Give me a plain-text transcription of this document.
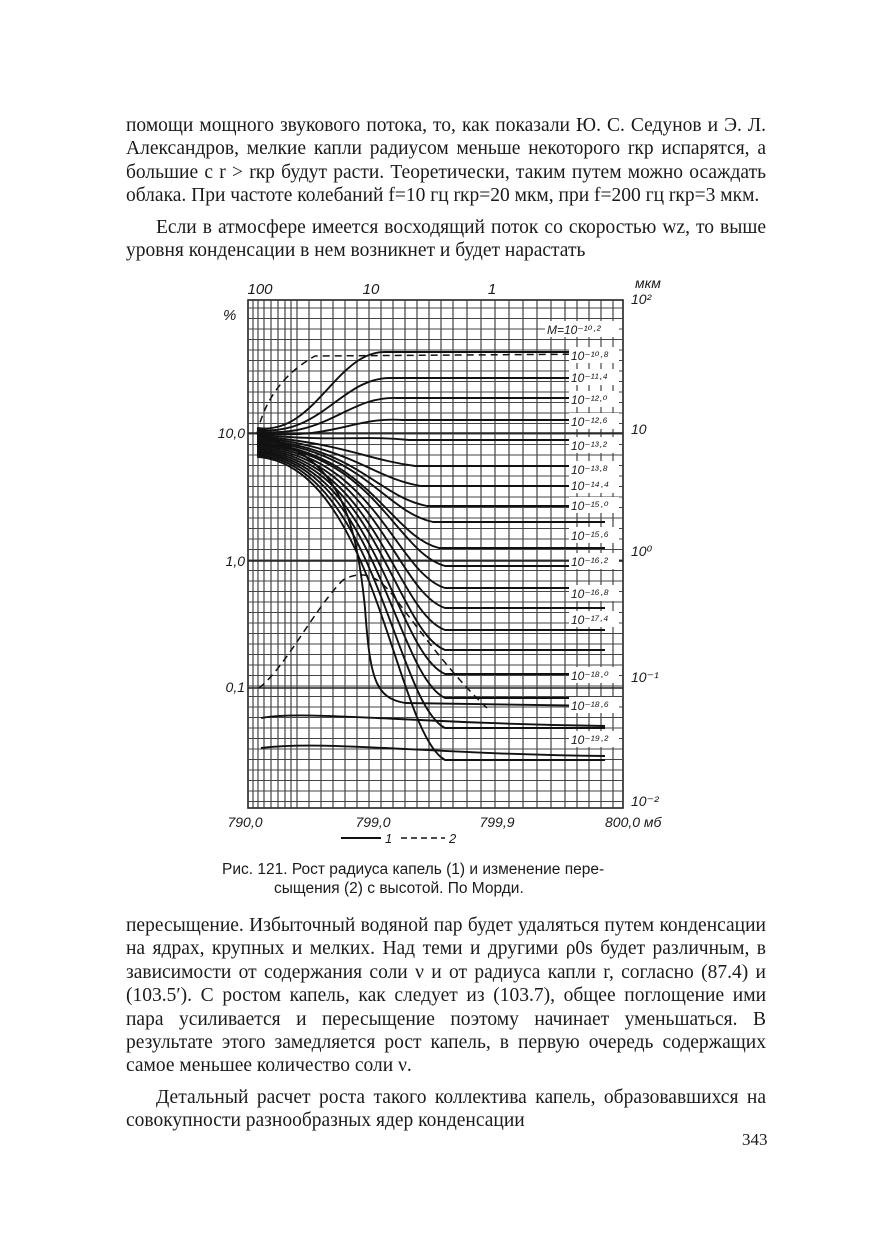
помощи мощного звукового потока, то, как показали Ю. С. Седунов и Э. Л. Александров, мелкие капли радиусом меньше некоторого rкр испарятся, а большие с r > rкр будут расти. Теоретически, таким путем можно осаждать облака. При частоте колебаний f=10 гц rкр=20 мкм, при f=200 гц rкр=3 мкм.

Если в атмосфере имеется восходящий поток со скоростью wz, то выше уровня конденсации в нем возникнет и будет нарастать

100	10	1	мкм
%
10,0
1,0
0,1
10²
10
10⁰
10⁻¹
10⁻²
790,0	799,0	799,9	800,0 мб
1	2
M=10⁻¹⁰·²
10⁻¹⁰·⁸
10⁻¹¹·⁴
10⁻¹²·⁰
10⁻¹²·⁶
10⁻¹³·²
10⁻¹³·⁸
10⁻¹⁴·⁴
10⁻¹⁵·⁰
10⁻¹⁵·⁶
10⁻¹⁶·²
10⁻¹⁶·⁸
10⁻¹⁷·⁴
10⁻¹⁸·⁰
10⁻¹⁸·⁶
10⁻¹⁹·²
Рис. 121. Рост радиуса капель (1) и изменение пере-
сыщения (2) с высотой. По Морди.

пересыщение. Избыточный водяной пар будет удаляться путем конденсации на ядрах, крупных и мелких. Над теми и другими ρ0s будет различным, в зависимости от содержания соли ν и от радиуса капли r, согласно (87.4) и (103.5′). С ростом капель, как следует из (103.7), общее поглощение ими пара усиливается и пересыщение поэтому начинает уменьшаться. В результате этого замедляется рост капель, в первую очередь содержащих самое меньшее количество соли ν.

Детальный расчет роста такого коллектива капель, образовавшихся на совокупности разнообразных ядер конденсации

343
